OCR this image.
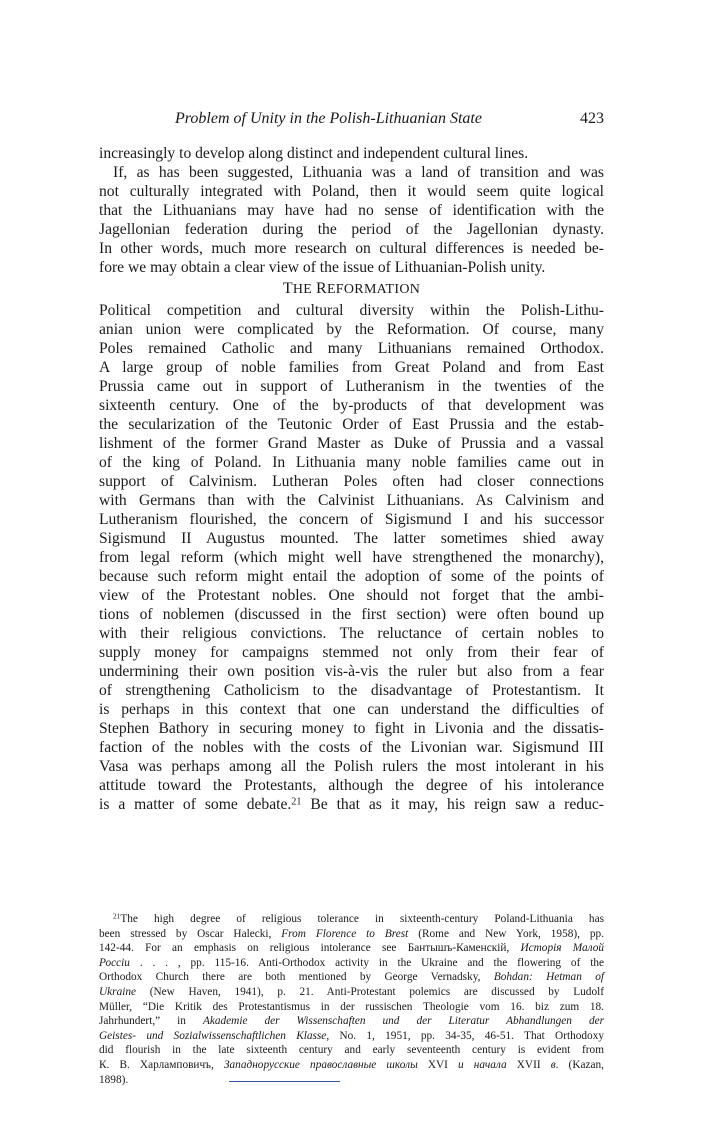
Problem of Unity in the Polish-Lithuanian State	423
increasingly to develop along distinct and independent cultural lines.
If, as has been suggested, Lithuania was a land of transition and was
not culturally integrated with Poland, then it would seem quite logical
that the Lithuanians may have had no sense of identification with the
Jagellonian federation during the period of the Jagellonian dynasty.
In other words, much more research on cultural differences is needed be-
fore we may obtain a clear view of the issue of Lithuanian-Polish unity.
THE REFORMATION
Political competition and cultural diversity within the Polish-Lithu-
anian union were complicated by the Reformation. Of course, many
Poles remained Catholic and many Lithuanians remained Orthodox.
A large group of noble families from Great Poland and from East
Prussia came out in support of Lutheranism in the twenties of the
sixteenth century. One of the by-products of that development was
the secularization of the Teutonic Order of East Prussia and the estab-
lishment of the former Grand Master as Duke of Prussia and a vassal
of the king of Poland. In Lithuania many noble families came out in
support of Calvinism. Lutheran Poles often had closer connections
with Germans than with the Calvinist Lithuanians. As Calvinism and
Lutheranism flourished, the concern of Sigismund I and his successor
Sigismund II Augustus mounted. The latter sometimes shied away
from legal reform (which might well have strengthened the monarchy),
because such reform might entail the adoption of some of the points of
view of the Protestant nobles. One should not forget that the ambi-
tions of noblemen (discussed in the first section) were often bound up
with their religious convictions. The reluctance of certain nobles to
supply money for campaigns stemmed not only from their fear of
undermining their own position vis-à-vis the ruler but also from a fear
of strengthening Catholicism to the disadvantage of Protestantism. It
is perhaps in this context that one can understand the difficulties of
Stephen Bathory in securing money to fight in Livonia and the dissatis-
faction of the nobles with the costs of the Livonian war. Sigismund III
Vasa was perhaps among all the Polish rulers the most intolerant in his
attitude toward the Protestants, although the degree of his intolerance
is a matter of some debate.$^{21}$ Be that as it may, his reign saw a reduc-
$^{21}$The high degree of religious tolerance in sixteenth-century Poland-Lithuania has
been stressed by Oscar Halecki, From Florence to Brest (Rome and New York, 1958), pp.
142-44. For an emphasis on religious intolerance see Бантышъ-Каменскій, Исторія Малой
Россіи . . . , pp. 115-16. Anti-Orthodox activity in the Ukraine and the flowering of the
Orthodox Church there are both mentioned by George Vernadsky, Bohdan: Hetman of
Ukraine (New Haven, 1941), p. 21. Anti-Protestant polemics are discussed by Ludolf
Müller, “Die Kritik des Protestantismus in der russischen Theologie vom 16. biz zum 18.
Jahrhundert,” in Akademie der Wissenschaften und der Literatur Abhandlungen der
Geistes- und Sozialwissenschaftlichen Klasse, No. 1, 1951, pp. 34-35, 46-51. That Orthodoxy
did flourish in the late sixteenth century and early seventeenth century is evident from
К. В. Харламповичъ, Западнорусскиe православныe школы XVI и начала XVII в. (Kazan,
1898).
